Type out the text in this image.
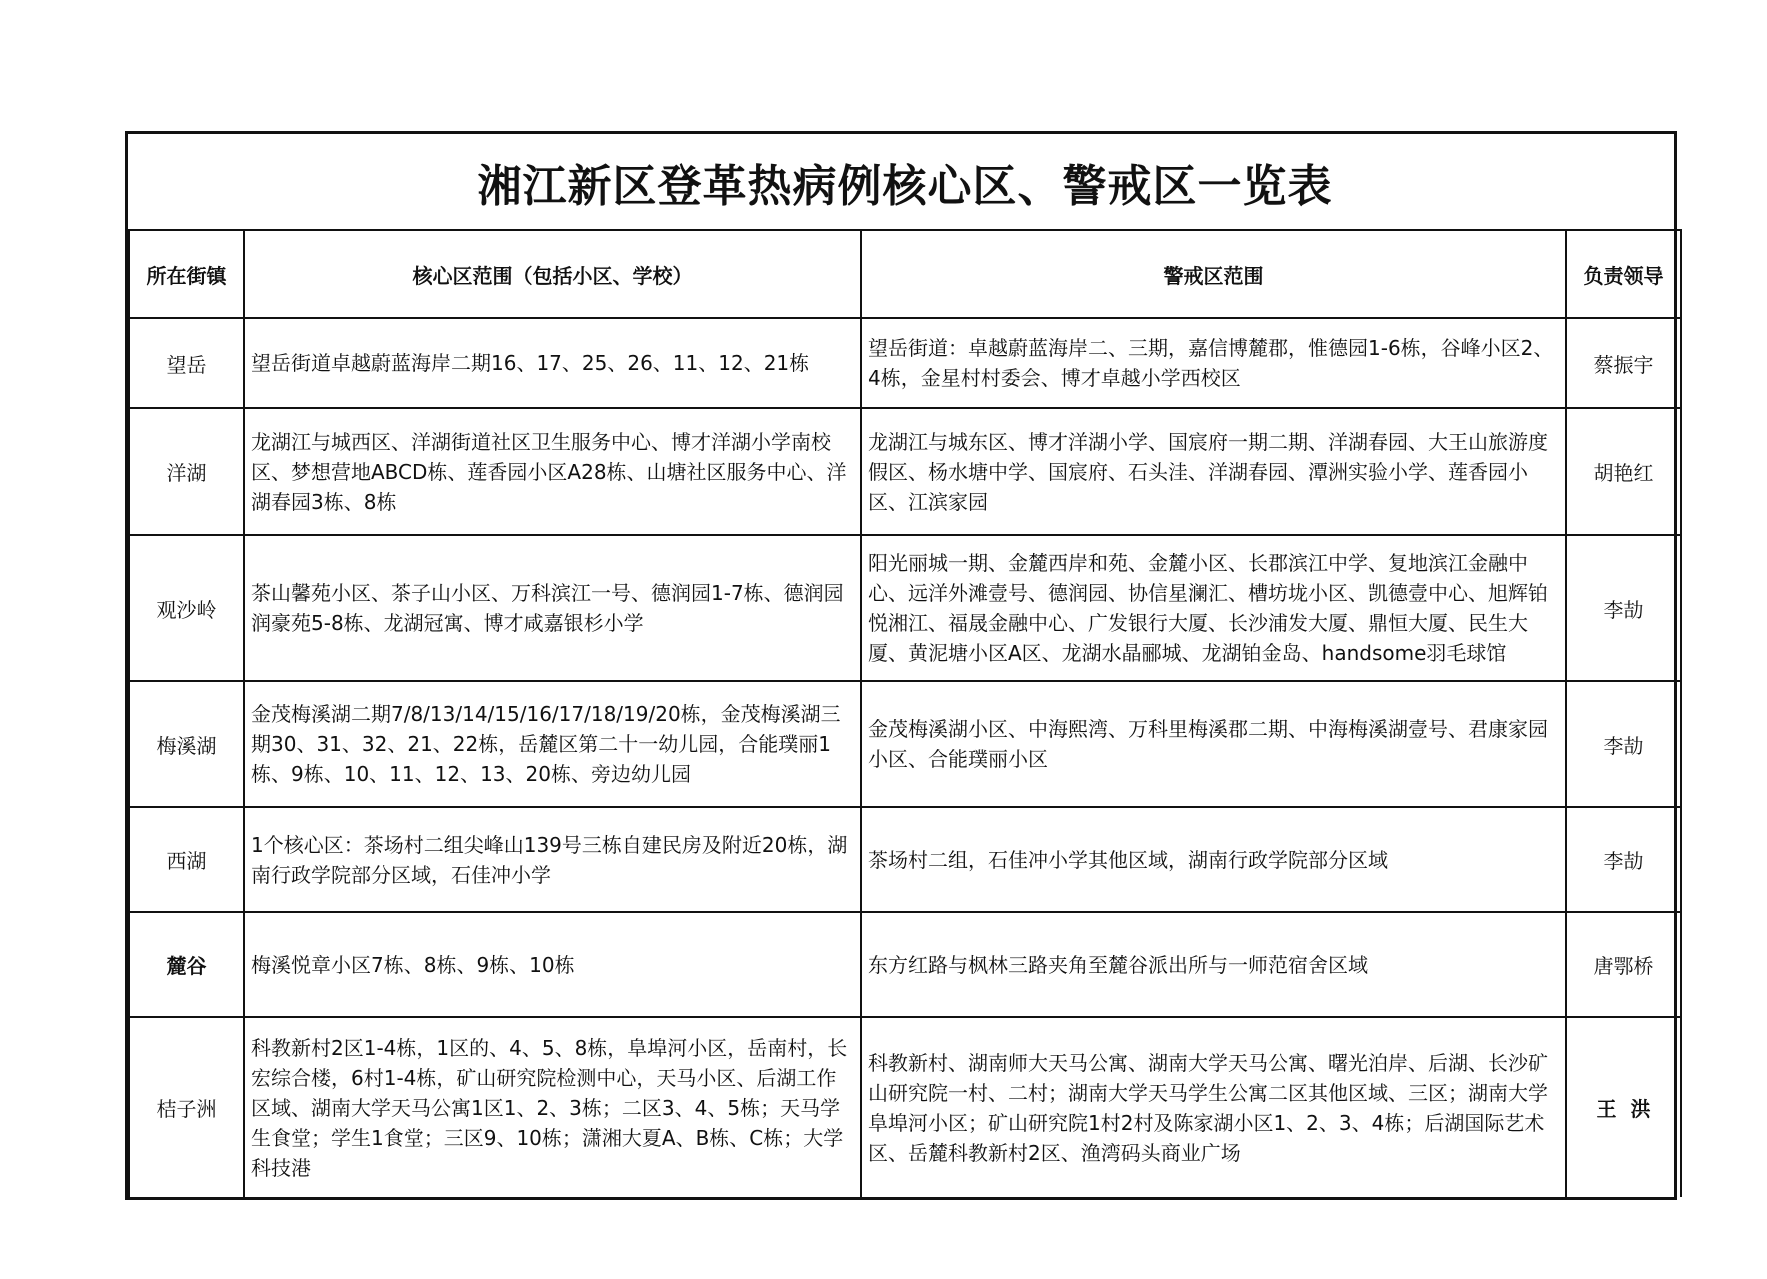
湘江新区登革热病例核心区、警戒区一览表			
所在街镇	核心区范围（包括小区、学校）	警戒区范围	负责领导
望岳	望岳街道卓越蔚蓝海岸二期16、17、25、26、11、12、21栋	望岳街道：卓越蔚蓝海岸二、三期，嘉信博麓郡，惟德园1-6栋，谷峰小区2、4栋，金星村村委会、博才卓越小学西校区	蔡振宇
洋湖	龙湖江与城西区、洋湖街道社区卫生服务中心、博才洋湖小学南校区、梦想营地ABCD栋、莲香园小区A28栋、山塘社区服务中心、洋湖春园3栋、8栋	龙湖江与城东区、博才洋湖小学、国宸府一期二期、洋湖春园、大王山旅游度假区、杨水塘中学、国宸府、石头洼、洋湖春园、潭洲实验小学、莲香园小区、江滨家园	胡艳红
观沙岭	茶山馨苑小区、茶子山小区、万科滨江一号、德润园1-7栋、德润园润豪苑5-8栋、龙湖冠寓、博才咸嘉银杉小学	阳光丽城一期、金麓西岸和苑、金麓小区、长郡滨江中学、复地滨江金融中心、远洋外滩壹号、德润园、协信星澜汇、槽坊垅小区、凯德壹中心、旭辉铂悦湘江、福晟金融中心、广发银行大厦、长沙浦发大厦、鼎恒大厦、民生大厦、黄泥塘小区A区、龙湖水晶郦城、龙湖铂金岛、handsome羽毛球馆	李劼
梅溪湖	金茂梅溪湖二期7/8/13/14/15/16/17/18/19/20栋，金茂梅溪湖三期30、31、32、21、22栋，岳麓区第二十一幼儿园，合能璞丽1栋、9栋、10、11、12、13、20栋、旁边幼儿园	金茂梅溪湖小区、中海熙湾、万科里梅溪郡二期、中海梅溪湖壹号、君康家园小区、合能璞丽小区	李劼
西湖	1个核心区：茶场村二组尖峰山139号三栋自建民房及附近20栋，湖南行政学院部分区域，石佳冲小学	茶场村二组，石佳冲小学其他区域，湖南行政学院部分区域	李劼
麓谷	梅溪悦章小区7栋、8栋、9栋、10栋	东方红路与枫林三路夹角至麓谷派出所与一师范宿舍区域	唐鄂桥
桔子洲	科教新村2区1-4栋，1区的、4、5、8栋，阜埠河小区，岳南村，长宏综合楼，6村1-4栋，矿山研究院检测中心，天马小区、后湖工作区域、湖南大学天马公寓1区1、2、3栋；二区3、4、5栋；天马学生食堂；学生1食堂；三区9、10栋；潇湘大夏A、B栋、C栋；大学科技港	科教新村、湖南师大天马公寓、湖南大学天马公寓、曙光泊岸、后湖、长沙矿山研究院一村、二村；湖南大学天马学生公寓二区其他区域、三区；湖南大学阜埠河小区；矿山研究院1村2村及陈家湖小区1、2、3、4栋；后湖国际艺术区、岳麓科教新村2区、渔湾码头商业广场	王  洪
